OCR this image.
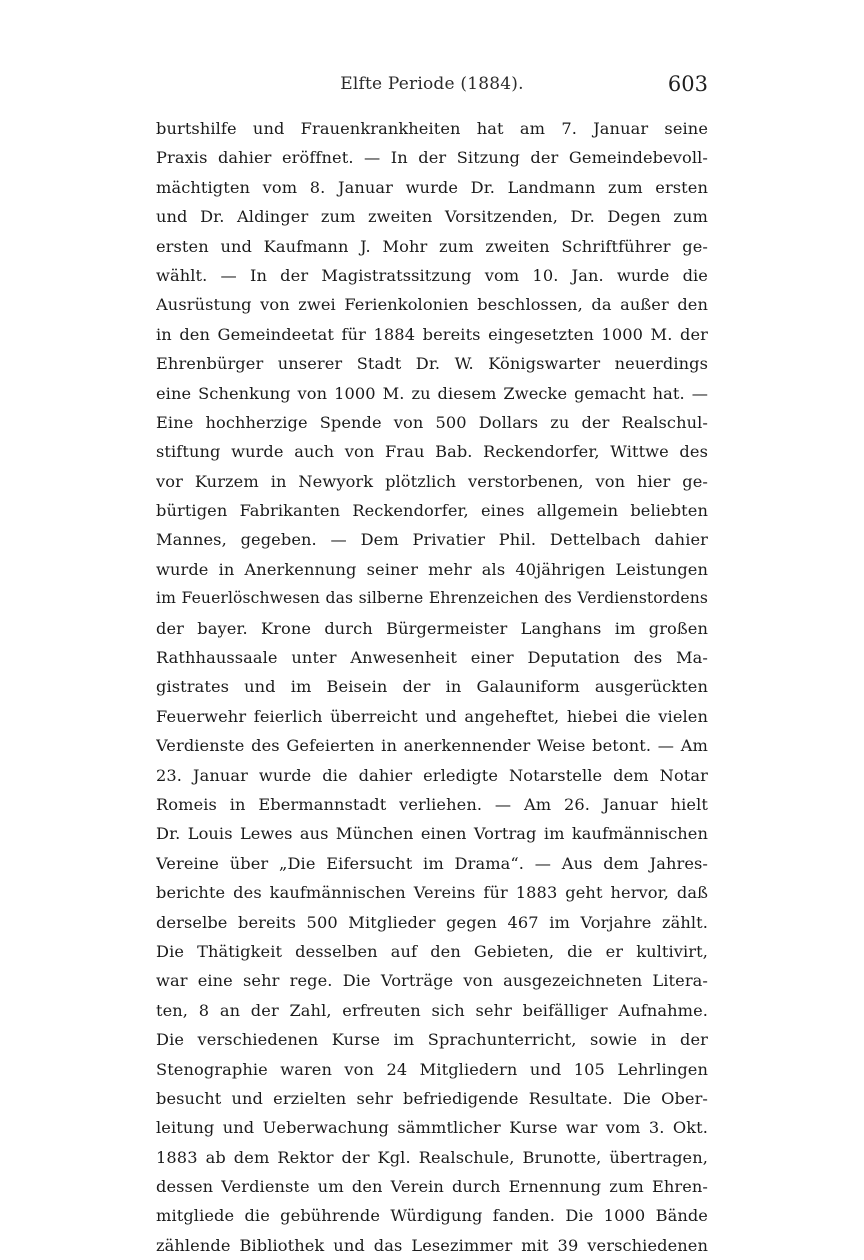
Elfte Periode (1884).	603
burtshilfe und Frauenkrankheiten hat am 7. Januar seine
Praxis dahier eröffnet. — In der Sitzung der Gemeindebevoll-
mächtigten vom 8. Januar wurde Dr. Landmann zum ersten
und Dr. Aldinger zum zweiten Vorsitzenden, Dr. Degen zum
ersten und Kaufmann J. Mohr zum zweiten Schriftführer ge-
wählt. — In der Magistratssitzung vom 10. Jan. wurde die
Ausrüstung von zwei Ferienkolonien beschlossen, da außer den
in den Gemeindeetat für 1884 bereits eingesetzten 1000 M. der
Ehrenbürger unserer Stadt Dr. W. Königswarter neuerdings
eine Schenkung von 1000 M. zu diesem Zwecke gemacht hat. —
Eine hochherzige Spende von 500 Dollars zu der Realschul-
stiftung wurde auch von Frau Bab. Reckendorfer, Wittwe des
vor Kurzem in Newyork plötzlich verstorbenen, von hier ge-
bürtigen Fabrikanten Reckendorfer, eines allgemein beliebten
Mannes, gegeben. — Dem Privatier Phil. Dettelbach dahier
wurde in Anerkennung seiner mehr als 40jährigen Leistungen
im Feuerlöschwesen das silberne Ehrenzeichen des Verdienstordens
der bayer. Krone durch Bürgermeister Langhans im großen
Rathhaussaale unter Anwesenheit einer Deputation des Ma-
gistrates und im Beisein der in Galauniform ausgerückten
Feuerwehr feierlich überreicht und angeheftet, hiebei die vielen
Verdienste des Gefeierten in anerkennender Weise betont. — Am
23. Januar wurde die dahier erledigte Notarstelle dem Notar
Romeis in Ebermannstadt verliehen. — Am 26. Januar hielt
Dr. Louis Lewes aus München einen Vortrag im kaufmännischen
Vereine über „Die Eifersucht im Drama“. — Aus dem Jahres-
berichte des kaufmännischen Vereins für 1883 geht hervor, daß
derselbe bereits 500 Mitglieder gegen 467 im Vorjahre zählt.
Die Thätigkeit desselben auf den Gebieten, die er kultivirt,
war eine sehr rege. Die Vorträge von ausgezeichneten Litera-
ten, 8 an der Zahl, erfreuten sich sehr beifälliger Aufnahme.
Die verschiedenen Kurse im Sprachunterricht, sowie in der
Stenographie waren von 24 Mitgliedern und 105 Lehrlingen
besucht und erzielten sehr befriedigende Resultate. Die Ober-
leitung und Ueberwachung sämmtlicher Kurse war vom 3. Okt.
1883 ab dem Rektor der Kgl. Realschule, Brunotte, übertragen,
dessen Verdienste um den Verein durch Ernennung zum Ehren-
mitgliede die gebührende Würdigung fanden. Die 1000 Bände
zählende Bibliothek und das Lesezimmer mit 39 verschiedenen
